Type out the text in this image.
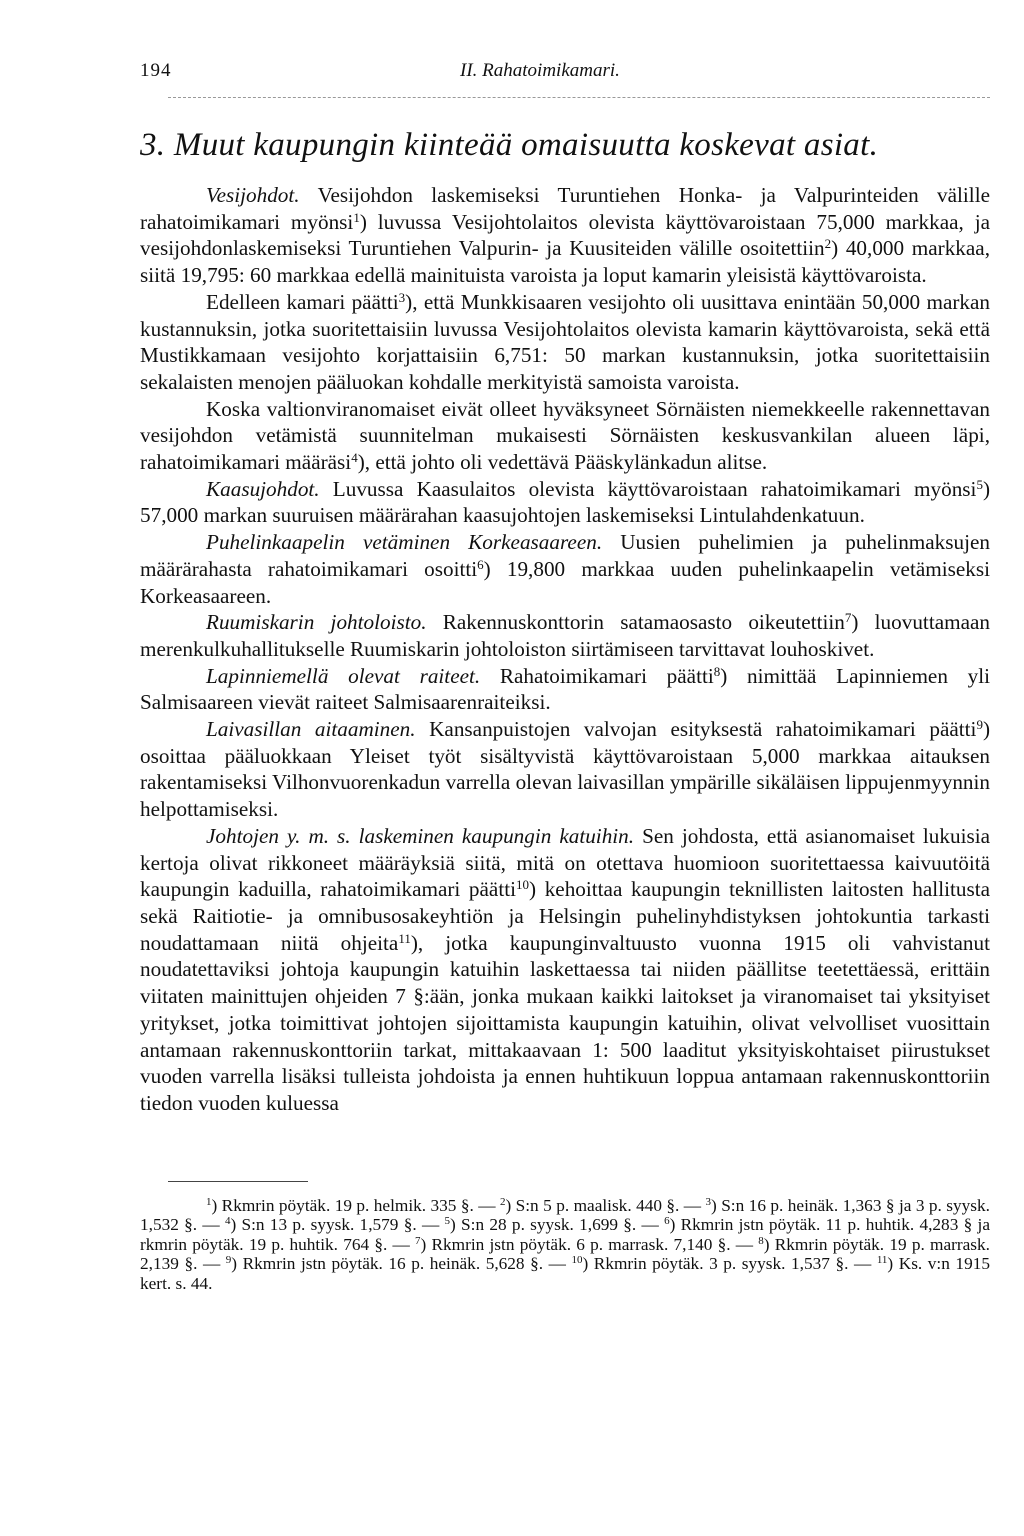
194	II. Rahatoimikamari.
3. Muut kaupungin kiinteää omaisuutta koskevat asiat.

Vesijohdot. Vesijohdon laskemiseksi Turuntiehen Honka- ja Valpurinteiden välille rahatoimikamari myönsi$^1$) luvussa Vesijohtolaitos olevista käyttövaroistaan 75,000 markkaa, ja vesijohdonlaskemiseksi Turuntiehen Valpurin- ja Kuusiteiden välille osoitettiin$^2$) 40,000 markkaa, siitä 19,795: 60 markkaa edellä mainituista varoista ja loput kamarin yleisistä käyttövaroista.

Edelleen kamari päätti$^3$), että Munkkisaaren vesijohto oli uusittava enintään 50,000 markan kustannuksin, jotka suoritettaisiin luvussa Vesijohtolaitos olevista kamarin käyttövaroista, sekä että Mustikkamaan vesijohto korjattaisiin 6,751: 50 markan kustannuksin, jotka suoritettaisiin sekalaisten menojen pääluokan kohdalle merkityistä samoista varoista.

Koska valtionviranomaiset eivät olleet hyväksyneet Sörnäisten niemekkeelle rakennettavan vesijohdon vetämistä suunnitelman mukaisesti Sörnäisten keskusvankilan alueen läpi, rahatoimikamari määräsi$^4$), että johto oli vedettävä Pääskylänkadun alitse.

Kaasujohdot. Luvussa Kaasulaitos olevista käyttövaroistaan rahatoimikamari myönsi$^5$) 57,000 markan suuruisen määrärahan kaasujohtojen laskemiseksi Lintulahdenkatuun.

Puhelinkaapelin vetäminen Korkeasaareen. Uusien puhelimien ja puhelinmaksujen määrärahasta rahatoimikamari osoitti$^6$) 19,800 markkaa uuden puhelinkaapelin vetämiseksi Korkeasaareen.

Ruumiskarin johtoloisto. Rakennuskonttorin satamaosasto oikeutettiin$^7$) luovuttamaan merenkulkuhallitukselle Ruumiskarin johtoloiston siirtämiseen tarvittavat louhoskivet.

Lapinniemellä olevat raiteet. Rahatoimikamari päätti$^8$) nimittää Lapinniemen yli Salmisaareen vievät raiteet Salmisaarenraiteiksi.

Laivasillan aitaaminen. Kansanpuistojen valvojan esityksestä rahatoimikamari päätti$^9$) osoittaa pääluokkaan Yleiset työt sisältyvistä käyttövaroistaan 5,000 markkaa aitauksen rakentamiseksi Vilhonvuorenkadun varrella olevan laivasillan ympärille sikäläisen lippujenmyynnin helpottamiseksi.

Johtojen y. m. s. laskeminen kaupungin katuihin. Sen johdosta, että asianomaiset lukuisia kertoja olivat rikkoneet määräyksiä siitä, mitä on otettava huomioon suoritettaessa kaivuutöitä kaupungin kaduilla, rahatoimikamari päätti$^{10}$) kehoittaa kaupungin teknillisten laitosten hallitusta sekä Raitiotie- ja omnibusosakeyhtiön ja Helsingin puhelinyhdistyksen johtokuntia tarkasti noudattamaan niitä ohjeita$^{11}$), jotka kaupunginvaltuusto vuonna 1915 oli vahvistanut noudatettaviksi johtoja kaupungin katuihin laskettaessa tai niiden päällitse teetettäessä, erittäin viitaten mainittujen ohjeiden 7 §:ään, jonka mukaan kaikki laitokset ja viranomaiset tai yksityiset yritykset, jotka toimittivat johtojen sijoittamista kaupungin katuihin, olivat velvolliset vuosittain antamaan rakennuskonttoriin tarkat, mittakaavaan 1: 500 laaditut yksityiskohtaiset piirustukset vuoden varrella lisäksi tulleista johdoista ja ennen huhtikuun loppua antamaan rakennuskonttoriin tiedon vuoden kuluessa

$^1$) Rkmrin pöytäk. 19 p. helmik. 335 §. — $^2$) S:n 5 p. maalisk. 440 §. — $^3$) S:n 16 p. heinäk. 1,363 § ja 3 p. syysk. 1,532 §. — $^4$) S:n 13 p. syysk. 1,579 §. — $^5$) S:n 28 p. syysk. 1,699 §. — $^6$) Rkmrin jstn pöytäk. 11 p. huhtik. 4,283 § ja rkmrin pöytäk. 19 p. huhtik. 764 §. — $^7$) Rkmrin jstn pöytäk. 6 p. marrask. 7,140 §. — $^8$) Rkmrin pöytäk. 19 p. marrask. 2,139 §. — $^9$) Rkmrin jstn pöytäk. 16 p. heinäk. 5,628 §. — $^{10}$) Rkmrin pöytäk. 3 p. syysk. 1,537 §. — $^{11}$) Ks. v:n 1915 kert. s. 44.
